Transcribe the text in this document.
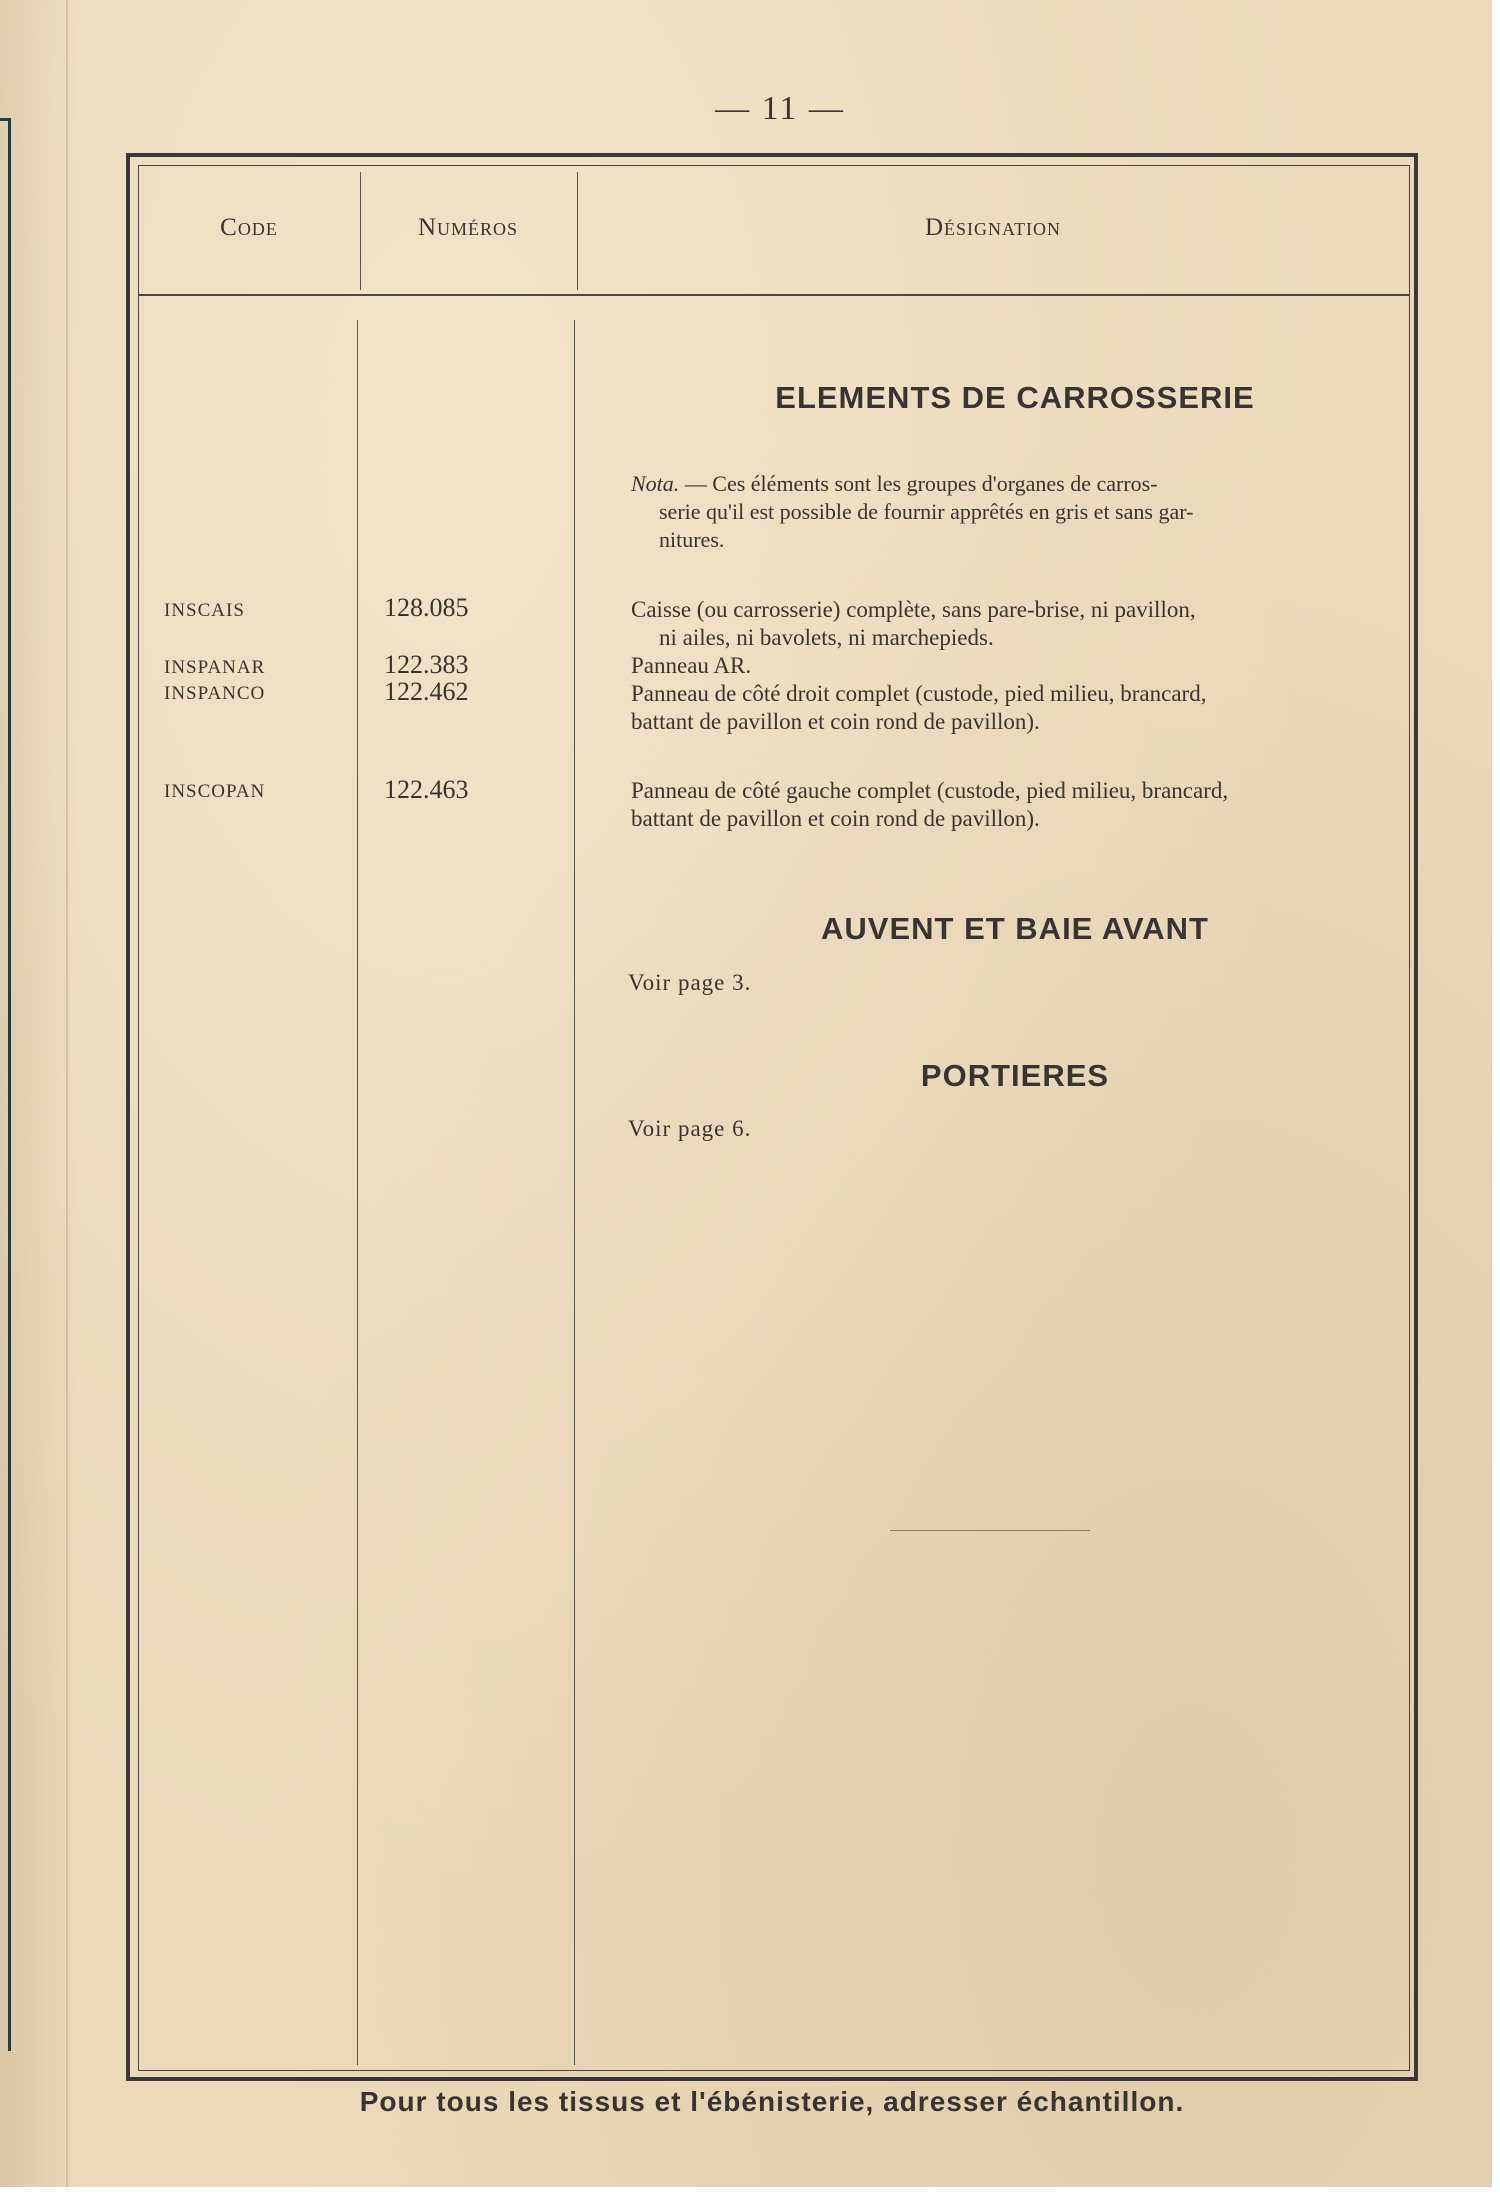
— 11 —
Code	Numéros	Désignation
ELEMENTS DE CARROSSERIE
Nota. — Ces éléments sont les groupes d'organes de carros-
serie qu'il est possible de fournir apprêtés en gris et sans gar-
nitures.
INSCAIS	128.085	Caisse (ou carrosserie) complète, sans pare-brise, ni pavillon,
ni ailes, ni bavolets, ni marchepieds.
INSPANAR	122.383	Panneau AR.
INSPANCO	122.462	Panneau de côté droit complet (custode, pied milieu, brancard,
battant de pavillon et coin rond de pavillon).
INSCOPAN	122.463	Panneau de côté gauche complet (custode, pied milieu, brancard,
battant de pavillon et coin rond de pavillon).
AUVENT ET BAIE AVANT
Voir page 3.
PORTIERES
Voir page 6.
Pour tous les tissus et l'ébénisterie, adresser échantillon.
